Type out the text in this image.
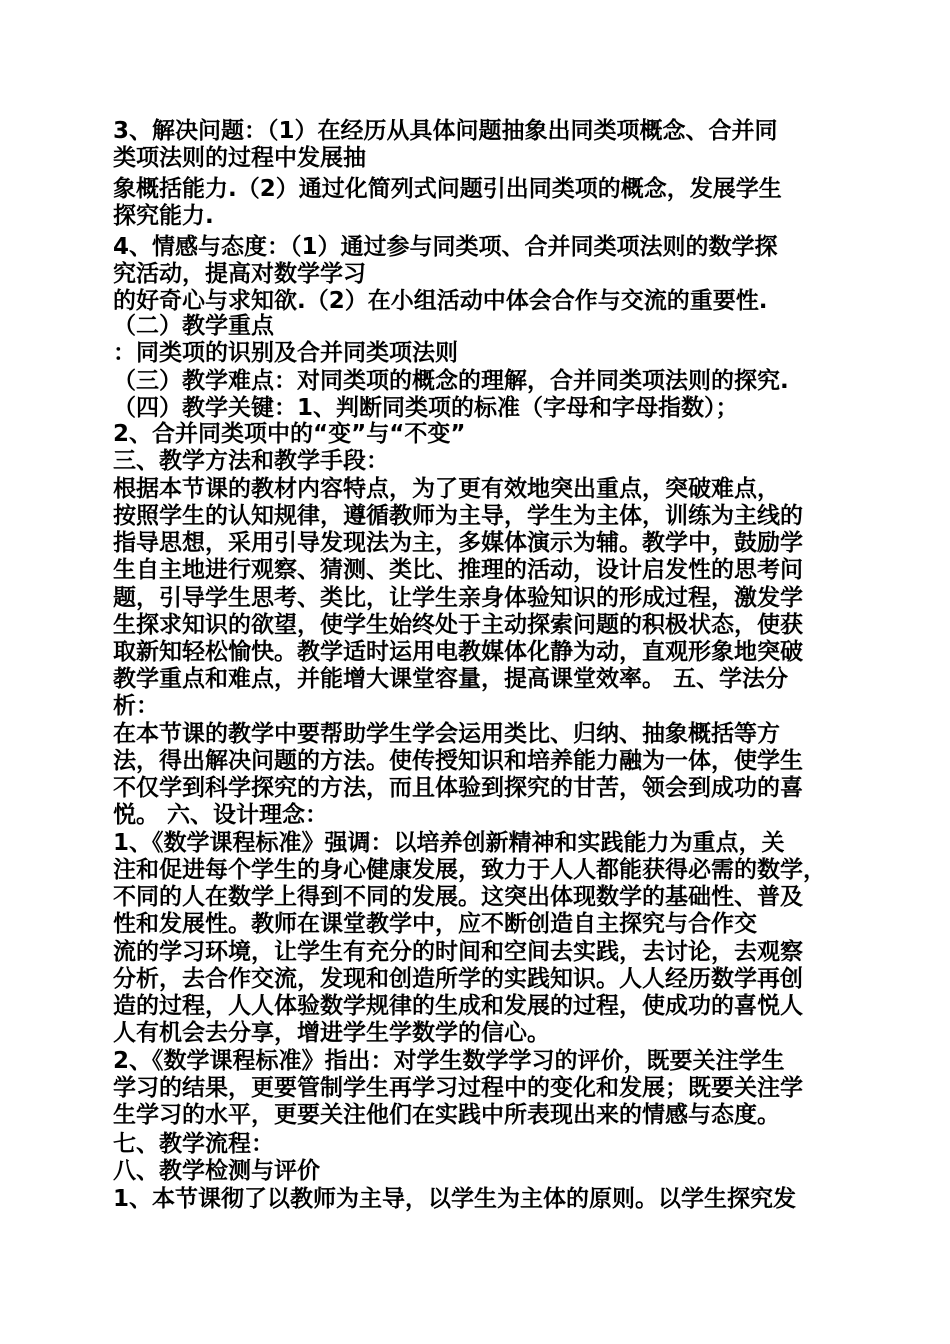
3、解决问题：（1）在经历从具体问题抽象出同类项概念、合并同
类项法则的过程中发展抽
象概括能力.（2）通过化简列式问题引出同类项的概念，发展学生
探究能力.
4、情感与态度：（1）通过参与同类项、合并同类项法则的数学探
究活动，提高对数学学习
的好奇心与求知欲.（2）在小组活动中体会合作与交流的重要性.
（二）教学重点
：同类项的识别及合并同类项法则
（三）教学难点：对同类项的概念的理解，合并同类项法则的探究.
（四）教学关键：1、判断同类项的标准（字母和字母指数）；
2、合并同类项中的“变”与“不变”
三、教学方法和教学手段：
根据本节课的教材内容特点，为了更有效地突出重点，突破难点，
按照学生的认知规律，遵循教师为主导，学生为主体，训练为主线的
指导思想，采用引导发现法为主，多媒体演示为辅。教学中，鼓励学
生自主地进行观察、猜测、类比、推理的活动，设计启发性的思考问
题，引导学生思考、类比，让学生亲身体验知识的形成过程，激发学
生探求知识的欲望，使学生始终处于主动探索问题的积极状态，使获
取新知轻松愉快。教学适时运用电教媒体化静为动，直观形象地突破
教学重点和难点，并能增大课堂容量，提高课堂效率。 五、学法分
析：
在本节课的教学中要帮助学生学会运用类比、归纳、抽象概括等方
法，得出解决问题的方法。使传授知识和培养能力融为一体，使学生
不仅学到科学探究的方法，而且体验到探究的甘苦，领会到成功的喜
悦。 六、设计理念：
1、《数学课程标准》强调：以培养创新精神和实践能力为重点，关
注和促进每个学生的身心健康发展，致力于人人都能获得必需的数学，
不同的人在数学上得到不同的发展。这突出体现数学的基础性、普及
性和发展性。教师在课堂教学中，应不断创造自主探究与合作交
流的学习环境，让学生有充分的时间和空间去实践，去讨论，去观察
分析，去合作交流，发现和创造所学的实践知识。人人经历数学再创
造的过程，人人体验数学规律的生成和发展的过程，使成功的喜悦人
人有机会去分享，增进学生学数学的信心。
2、《数学课程标准》指出：对学生数学学习的评价，既要关注学生
学习的结果，更要管制学生再学习过程中的变化和发展；既要关注学
生学习的水平，更要关注他们在实践中所表现出来的情感与态度。
七、教学流程：
八、教学检测与评价
1、本节课彻了以教师为主导，以学生为主体的原则。以学生探究发
